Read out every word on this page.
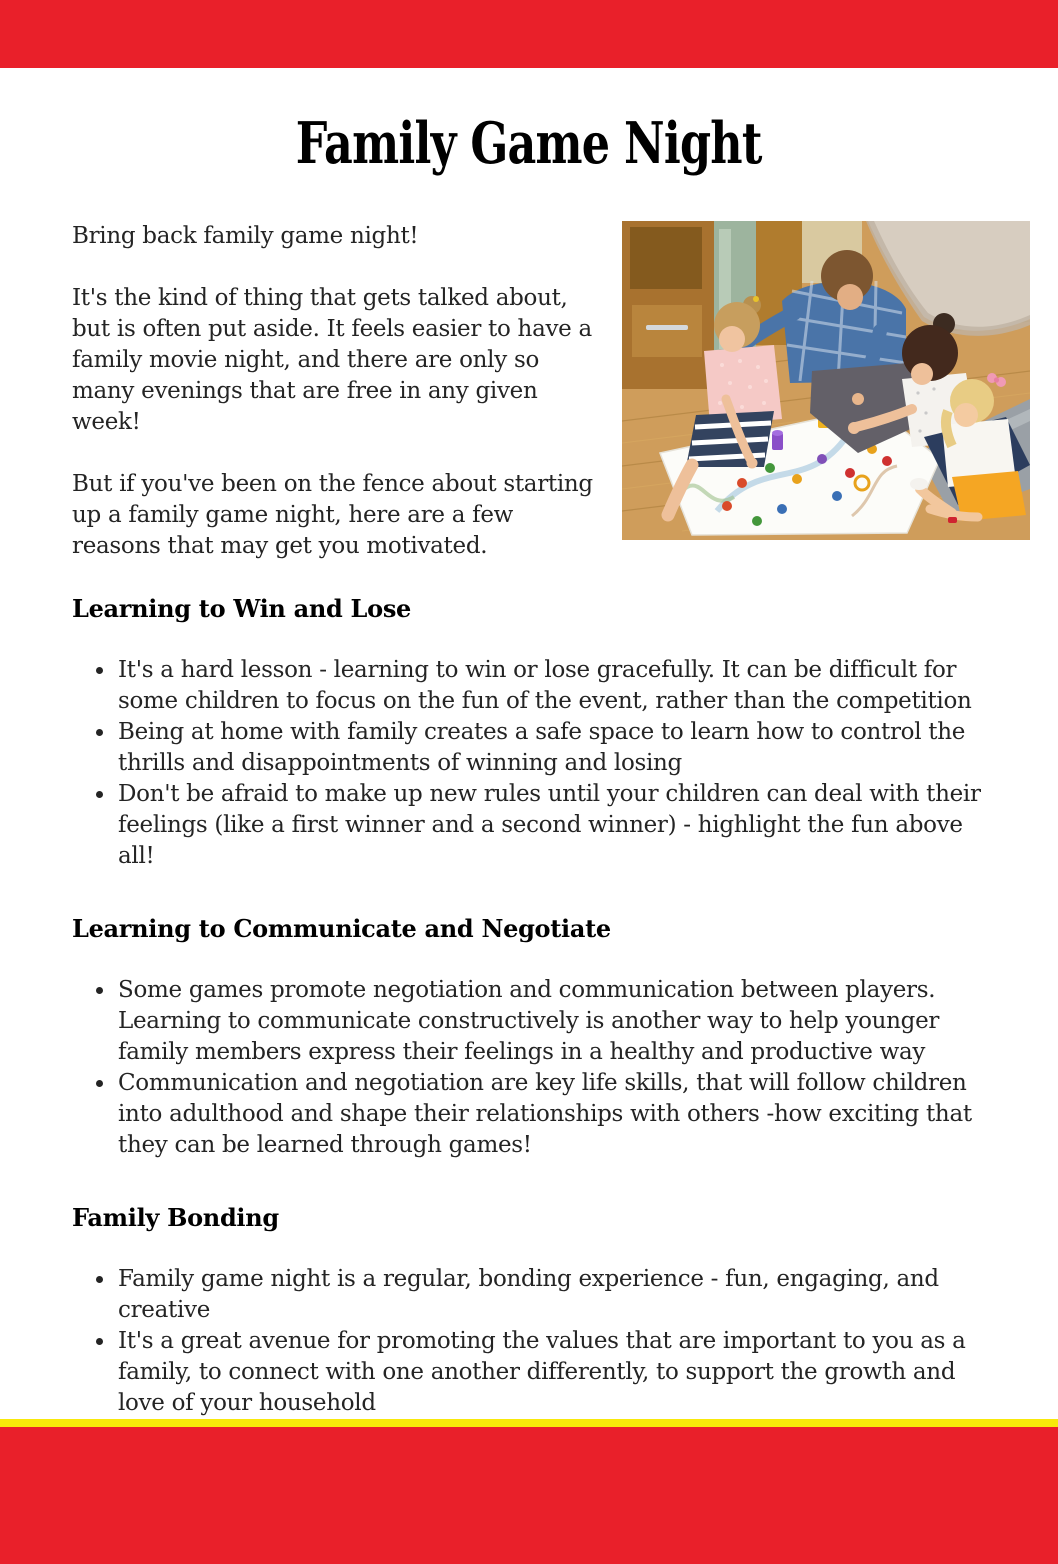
Family Game Night

Bring back family game night!

It's the kind of thing that gets talked about, but is often put aside. It feels easier to have a family movie night, and there are only so many evenings that are free in any given week!

But if you've been on the fence about starting up a family game night, here are a few reasons that may get you motivated.

Learning to Win and Lose
• It's a hard lesson - learning to win or lose gracefully. It can be difficult for some children to focus on the fun of the event, rather than the competition
• Being at home with family creates a safe space to learn how to control the thrills and disappointments of winning and losing
• Don't be afraid to make up new rules until your children can deal with their feelings (like a first winner and a second winner) - highlight the fun above all!
Learning to Communicate and Negotiate
• Some games promote negotiation and communication between players. Learning to communicate constructively is another way to help younger family members express their feelings in a healthy and productive way
• Communication and negotiation are key life skills, that will follow children into adulthood and shape their relationships with others -how exciting that they can be learned through games!
Family Bonding
• Family game night is a regular, bonding experience - fun, engaging, and creative
• It's a great avenue for promoting the values that are important to you as a family, to connect with one another differently, to support the growth and love of your household
